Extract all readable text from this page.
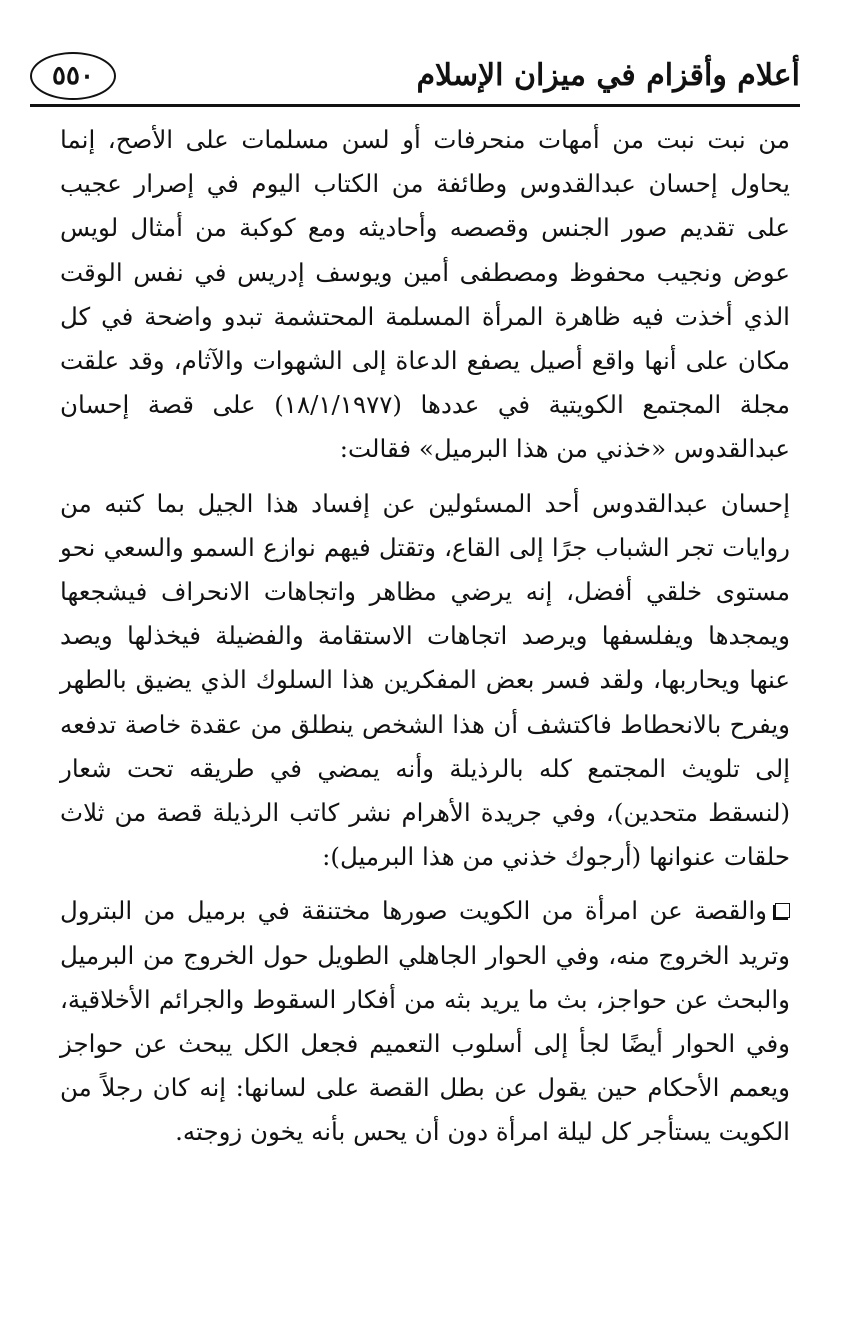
أعلام وأقزام في ميزان الإسلام
٥٥٠

من نبت نبت من أمهات منحرفات أو لسن مسلمات على الأصح، إنما يحاول إحسان عبدالقدوس وطائفة من الكتاب اليوم في إصرار عجيب على تقديم صور الجنس وقصصه وأحاديثه ومع كوكبة من أمثال لويس عوض ونجيب محفوظ ومصطفى أمين ويوسف إدريس في نفس الوقت الذي أخذت فيه ظاهرة المرأة المسلمة المحتشمة تبدو واضحة في كل مكان على أنها واقع أصيل يصفع الدعاة إلى الشهوات والآثام، وقد علقت مجلة المجتمع الكويتية في عددها (١٨/١/١٩٧٧) على قصة إحسان عبدالقدوس «خذني من هذا البرميل» فقالت:

إحسان عبدالقدوس أحد المسئولين عن إفساد هذا الجيل بما كتبه من روايات تجر الشباب جرًا إلى القاع، وتقتل فيهم نوازع السمو والسعي نحو مستوى خلقي أفضل، إنه يرضي مظاهر واتجاهات الانحراف فيشجعها ويمجدها ويفلسفها ويرصد اتجاهات الاستقامة والفضيلة فيخذلها ويصد عنها ويحاربها، ولقد فسر بعض المفكرين هذا السلوك الذي يضيق بالطهر ويفرح بالانحطاط فاكتشف أن هذا الشخص ينطلق من عقدة خاصة تدفعه إلى تلويث المجتمع كله بالرذيلة وأنه يمضي في طريقه تحت شعار (لنسقط متحدين)، وفي جريدة الأهرام نشر كاتب الرذيلة قصة من ثلاث حلقات عنوانها (أرجوك خذني من هذا البرميل):

والقصة عن امرأة من الكويت صورها مختنقة في برميل من البترول وتريد الخروج منه، وفي الحوار الجاهلي الطويل حول الخروج من البرميل والبحث عن حواجز، بث ما يريد بثه من أفكار السقوط والجرائم الأخلاقية، وفي الحوار أيضًا لجأ إلى أسلوب التعميم فجعل الكل يبحث عن حواجز ويعمم الأحكام حين يقول عن بطل القصة على لسانها: إنه كان رجلاً من الكويت يستأجر كل ليلة امرأة دون أن يحس بأنه يخون زوجته.
